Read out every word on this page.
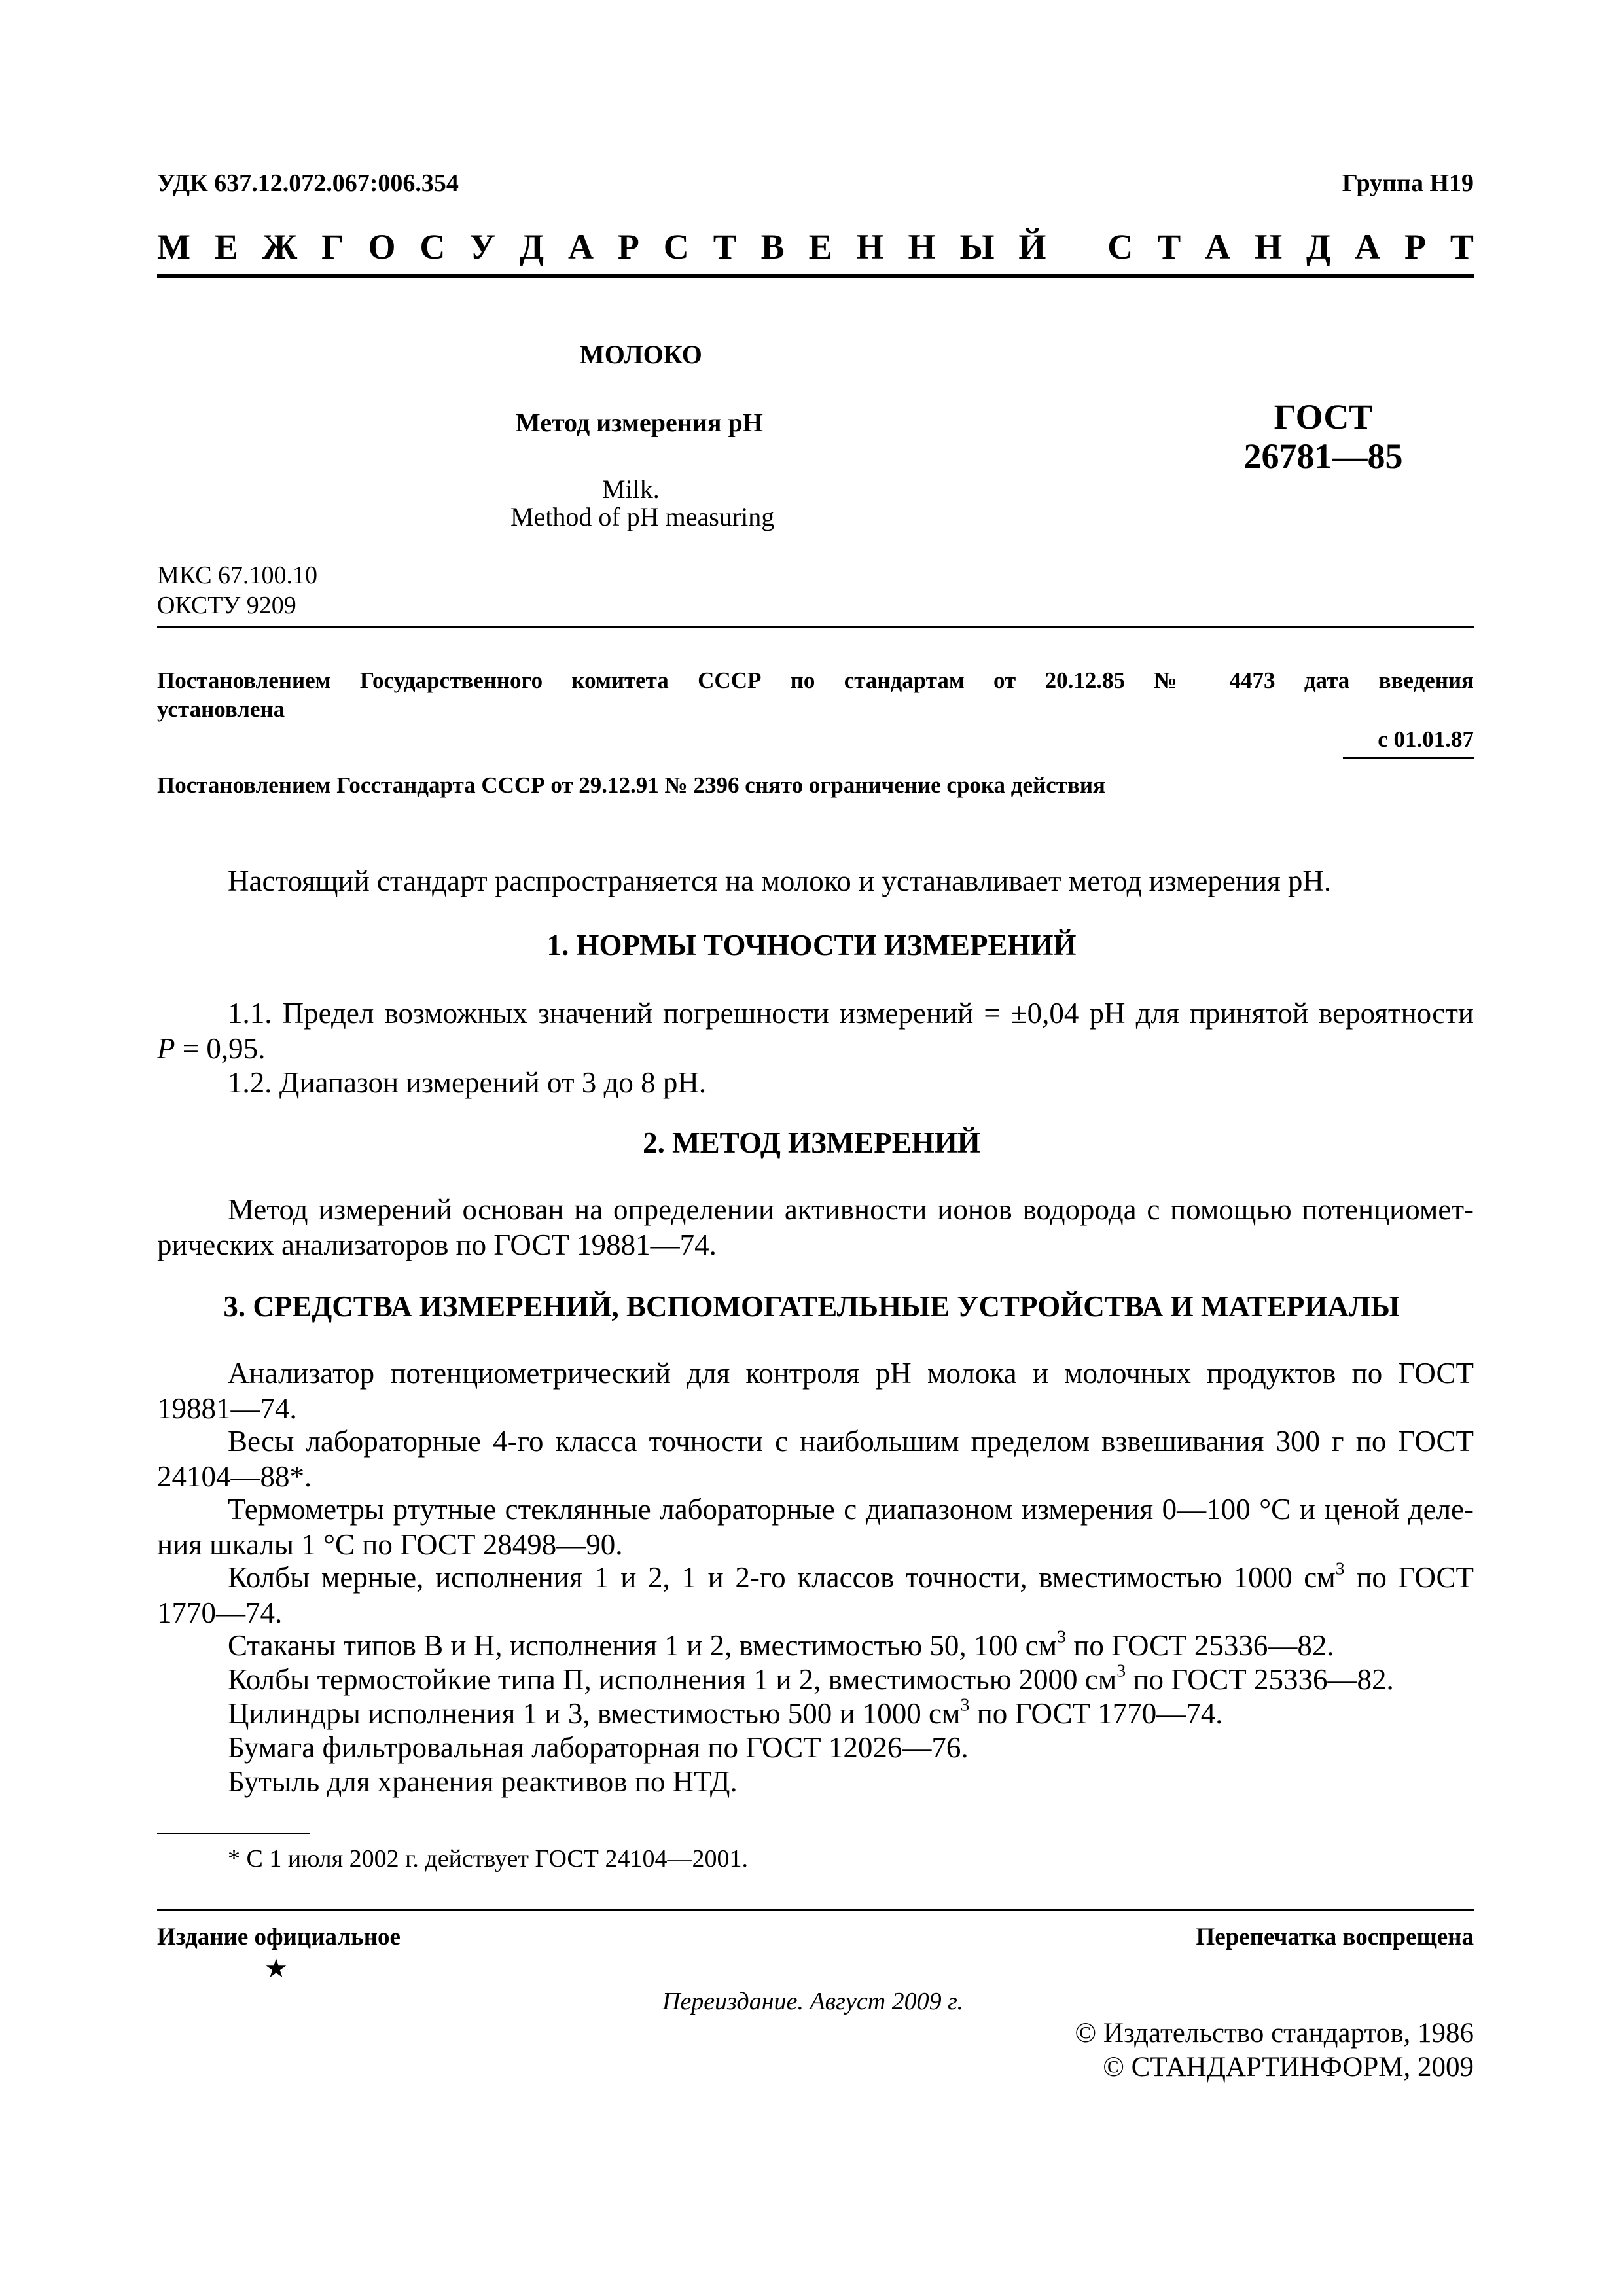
УДК 637.12.072.067:006.354	Группа Н19
М Е Ж Г О С У Д А Р С Т В Е Н Н Ы Й С Т А Н Д А Р Т
МОЛОКО
Метод измерения pH
Milk.
Method of pH measuring
ГОСТ
26781—85
МКС 67.100.10
ОКСТУ 9209
Постановлением Государственного комитета СССР по стандартам от 20.12.85 № 4473 дата введения
установлена
с 01.01.87
Постановлением Госстандарта СССР от 29.12.91 № 2396 снято ограничение срока действия
Настоящий стандарт распространяется на молоко и устанавливает метод измерения pH.
1. НОРМЫ ТОЧНОСТИ ИЗМЕРЕНИЙ
1.1. Предел возможных значений погрешности измерений = ±0,04 pH для принятой вероятности
P = 0,95.
1.2. Диапазон измерений от 3 до 8 pH.
2. МЕТОД ИЗМЕРЕНИЙ
Метод измерений основан на определении активности ионов водорода с помощью потенциомет-
рических анализаторов по ГОСТ 19881—74.
3. СРЕДСТВА ИЗМЕРЕНИЙ, ВСПОМОГАТЕЛЬНЫЕ УСТРОЙСТВА И МАТЕРИАЛЫ
Анализатор потенциометрический для контроля pH молока и молочных продуктов по ГОСТ
19881—74.
Весы лабораторные 4-го класса точности с наибольшим пределом взвешивания 300 г по ГОСТ
24104—88*.
Термометры ртутные стеклянные лабораторные с диапазоном измерения 0—100 °С и ценой деле-
ния шкалы 1 °С по ГОСТ 28498—90.
Колбы мерные, исполнения 1 и 2, 1 и 2-го классов точности, вместимостью 1000 $см^3$ по ГОСТ
1770—74.
Стаканы типов В и Н, исполнения 1 и 2, вместимостью 50, 100 $см^3$ по ГОСТ 25336—82.
Колбы термостойкие типа П, исполнения 1 и 2, вместимостью 2000 $см^3$ по ГОСТ 25336—82.
Цилиндры исполнения 1 и 3, вместимостью 500 и 1000 $см^3$ по ГОСТ 1770—74.
Бумага фильтровальная лабораторная по ГОСТ 12026—76.
Бутыль для хранения реактивов по НТД.
* С 1 июля 2002 г. действует ГОСТ 24104—2001.
Издание официальное
★
Перепечатка воспрещена
Переиздание. Август 2009 г.
© Издательство стандартов, 1986
© СТАНДАРТИНФОРМ, 2009
